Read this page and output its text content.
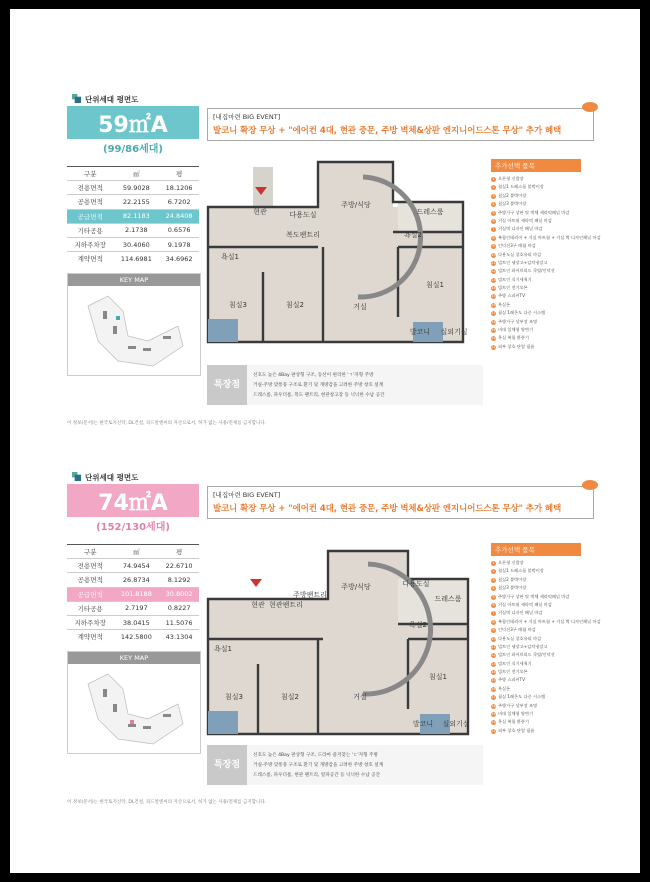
단위세대 평면도
59㎡A
(99/86세대)
구분	㎡	평
전용면적	59.9028	18.1206
공용면적	22.2155	6.7202
공급면적	82.1183	24.8408
기타공용	2.1738	0.6576
지하주차장	30.4060	9.1978
계약면적	114.6981	34.6962
KEY MAP
[내집마련 BIG EVENT]
발코니 확장 무상 + "에어컨 4대, 현관 중문, 주방 벽체&상판 엔지니어드스톤 무상" 추가 혜택
현관	다용도실
주방/식당
드레스룸
욕실2
욕실1
복도팬트리
침실3	침실2	거실
침실1
발코니 실외기실
추가선택 품목
1 오픈형 신발장
2 침실1 드레스룸 붙박이장
3 침실2 붙박이장
4 침실3 붙박이장
5 주방가구 상판 및 벽체 세라믹패널 마감
6 거실 아트월 세라믹 패널 마감
7 거실벽 디자인 패널 마감
8 복합인테리어 + 거실 아트월 + 거실 벽 디자인패널 마감
9 인덕션3구 매립 마감
10 다용도실 창호유리 마감
11 빌트인 냉장고+김치냉장고
12 빌트인 하이브리드 쿡탑/인덕션
13 빌트인 식기세척기
14 빌트인 전기오븐
15 주방 스피커TV
16 욕실폰
17 침실 1레온도 다중 시스템
18 주방가구 상부장 조명
19 비데 일체형 양변기
20 욕실 복합 환풍기
21 외부 창호 단열 필름
특장점
선호도 높은 4Bay 판상형 구조, 동선이 편리한 'ㄱ'자형 주방
거실-주방 맞통풍 구조로 환기 및 개방감을 고려한 주방 창호 설계
드레스룸, 파우더룸, 복도 팬트리, 현관창고장 등 넉넉한 수납 공간
이 정보(문서)는 한국토지신탁, DL건설, 피드알엔씨의 자산으로서, 허가 없는 사용/전제를 금지합니다.
단위세대 평면도
74㎡A
(152/130세대)
구분	㎡	평
전용면적	74.9454	22.6710
공용면적	26.8734	8.1292
공급면적	101.8188	30.8002
기타공용	2.7197	0.8227
지하주차장	38.0415	11.5076
계약면적	142.5800	43.1304
KEY MAP
[내집마련 BIG EVENT]
발코니 확장 무상 + "에어컨 4대, 현관 중문, 주방 벽체&상판 엔지니어드스톤 무상" 추가 혜택
현관 현관팬트리
주방팬트리
주방/식당	다용도실
드레스룸
욕실2
욕실1
침실3	침실2	거실
침실1
발코니 실외기실
추가선택 품목
1 오픈형 신발장
2 침실1 드레스룸 붙박이장
3 침실2 붙박이장
4 침실3 붙박이장
5 주방가구 상판 및 벽체 세라믹패널 마감
6 거실 아트월 세라믹 패널 마감
7 거실벽 디자인 패널 마감
8 복합인테리어 + 거실 아트월 + 거실 벽 디자인패널 마감
9 인덕션3구 매립 마감
10 다용도실 창호유리 마감
11 빌트인 냉장고+김치냉장고
12 빌트인 하이브리드 쿡탑/인덕션
13 빌트인 식기세척기
14 빌트인 전기오븐
15 주방 스피커TV
16 욕실폰
17 침실 1레온도 다중 시스템
18 주방가구 상부장 조명
19 비데 일체형 양변기
20 욕실 복합 환풍기
21 외부 창호 단열 필름
특장점
선호도 높은 4Bay 판상형 구조, 드라마 즐겨찾는 'ㄷ'자형 주방
거실-주방 맞통풍 구조로 환기 및 개방감을 고려한 주방 창호 설계
드레스룸, 파우더룸, 현관 팬트리, 알파공간 등 넉넉한 수납 공간
이 정보(문서)는 한국토지신탁, DL건설, 피드알엔씨의 자산으로서, 허가 없는 사용/전제를 금지합니다.
